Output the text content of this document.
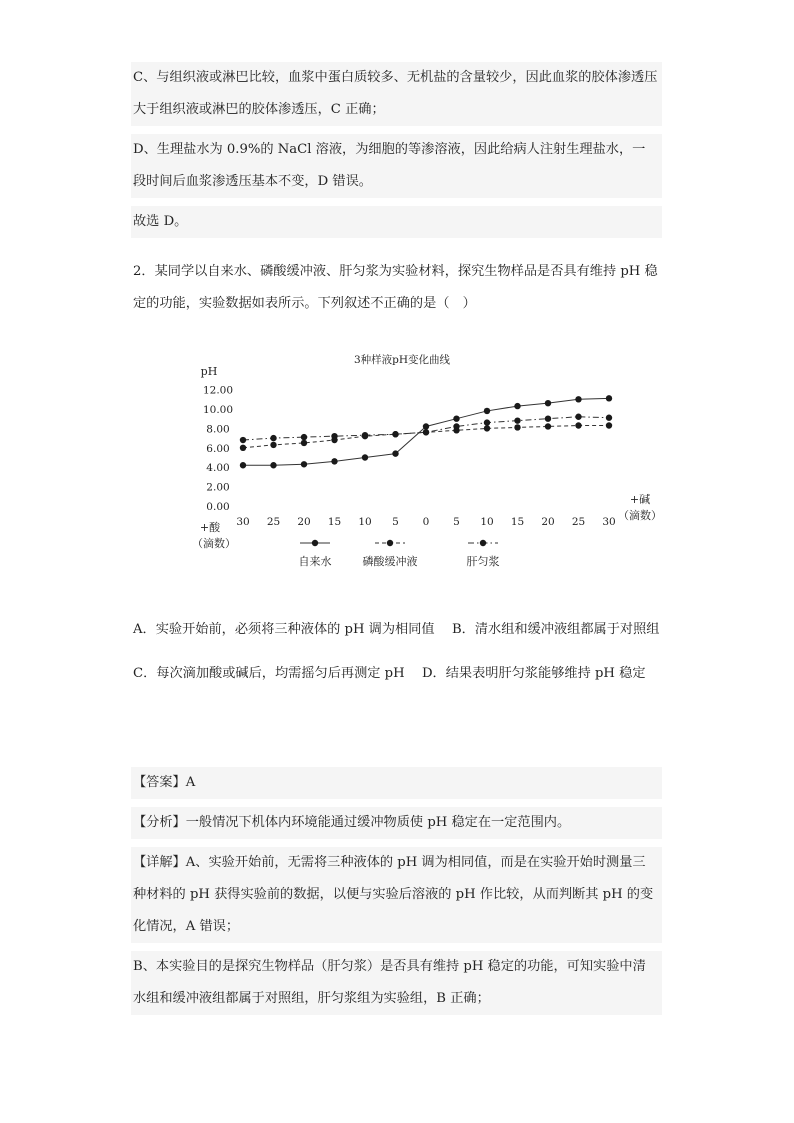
C、与组织液或淋巴比较，血浆中蛋白质较多、无机盐的含量较少，因此血浆的胶体渗透压大于组织液或淋巴的胶体渗透压，C 正确；

D、生理盐水为 0.9%的 NaCl 溶液，为细胞的等渗溶液，因此给病人注射生理盐水，一段时间后血浆渗透压基本不变，D 错误。

故选 D。

2．某同学以自来水、磷酸缓冲液、肝匀浆为实验材料，探究生物样品是否具有维持 pH 稳定的功能，实验数据如表所示。下列叙述不正确的是（　）

3种样液pH变化曲线
pH
12.00
10.00
8.00
6.00
4.00
2.00
0.00
30 25 20 15 10 5 0 5 10 15 20 25 30
+酸
（滴数）
+碱
（滴数）
自来水	磷酸缓冲液	肝匀浆

A．实验开始前，必须将三种液体的 pH 调为相同值　 B．清水组和缓冲液组都属于对照组

C．每次滴加酸或碱后，均需摇匀后再测定 pH　 D．结果表明肝匀浆能够维持 pH 稳定

【答案】A

【分析】一般情况下机体内环境能通过缓冲物质使 pH 稳定在一定范围内。

【详解】A、实验开始前，无需将三种液体的 pH 调为相同值，而是在实验开始时测量三种材料的 pH 获得实验前的数据，以便与实验后溶液的 pH 作比较，从而判断其 pH 的变化情况，A 错误；

B、本实验目的是探究生物样品（肝匀浆）是否具有维持 pH 稳定的功能，可知实验中清水组和缓冲液组都属于对照组，肝匀浆组为实验组，B 正确；
